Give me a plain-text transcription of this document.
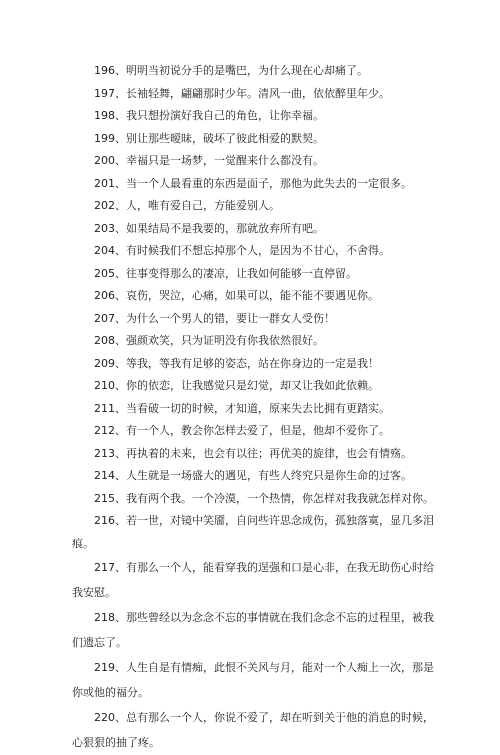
196、明明当初说分手的是嘴巴，为什么现在心却痛了。
197、长袖轻舞，翩翩那时少年。清风一曲，依依醉里年少。
198、我只想扮演好我自己的角色，让你幸福。
199、别让那些暧昧，破坏了彼此相爱的默契。
200、幸福只是一场梦，一觉醒来什么都没有。
201、当一个人最看重的东西是面子，那他为此失去的一定很多。
202、人，唯有爱自己，方能爱别人。
203、如果结局不是我要的，那就放弃所有吧。
204、有时候我们不想忘掉那个人，是因为不甘心，不舍得。
205、往事变得那么的凄凉，让我如何能够一直停留。
206、哀伤，哭泣，心痛，如果可以，能不能不要遇见你。
207、为什么一个男人的错，要让一群女人受伤！
208、强颜欢笑，只为证明没有你我依然很好。
209、等我，等我有足够的姿态，站在你身边的一定是我！
210、你的依恋，让我感觉只是幻觉，却又让我如此依赖。
211、当看破一切的时候，才知道，原来失去比拥有更踏实。
212、有一个人，教会你怎样去爱了，但是，他却不爱你了。
213、再执着的未来，也会有以往；再优美的旋律，也会有情殇。
214、人生就是一场盛大的遇见，有些人终究只是你生命的过客。
215、我有两个我。一个冷漠，一个热情，你怎样对我我就怎样对你。
216、若一世，对镜中笑靥，自问些许思念成伤，孤独落寞，显几多泪痕。
217、有那么一个人，能看穿我的逞强和口是心非，在我无助伤心时给我安慰。
218、那些曾经以为念念不忘的事情就在我们念念不忘的过程里，被我们遗忘了。
219、人生自是有情痴，此恨不关风与月，能对一个人痴上一次，那是你或他的福分。
220、总有那么一个人，你说不爱了，却在听到关于他的消息的时候，心狠狠的抽了疼。
